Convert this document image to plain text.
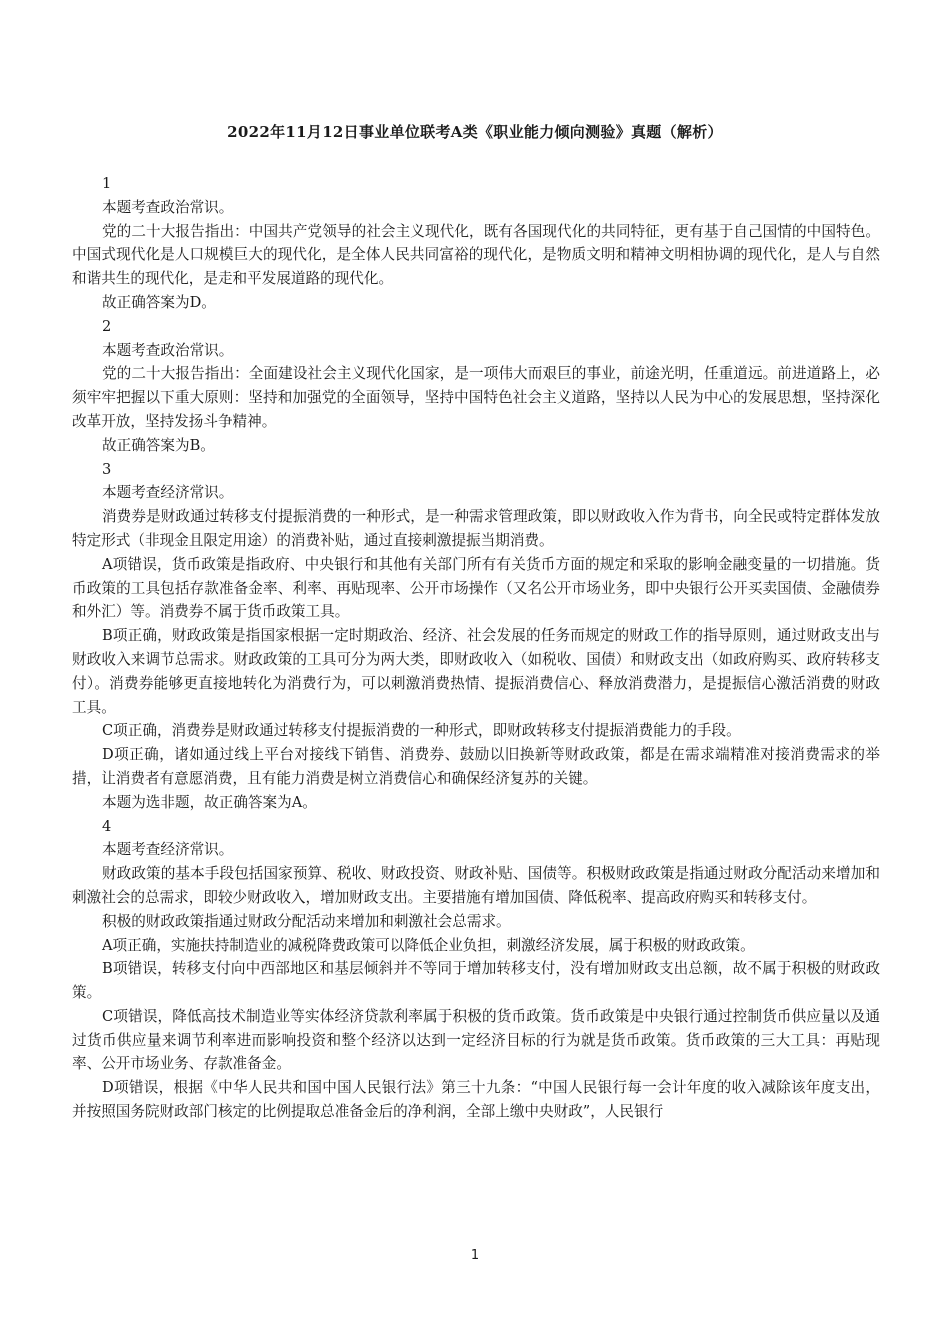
2022年11月12日事业单位联考A类《职业能力倾向测验》真题（解析）

1

本题考查政治常识。

党的二十大报告指出：中国共产党领导的社会主义现代化，既有各国现代化的共同特征，更有基于自己国情的中国特色。中国式现代化是人口规模巨大的现代化，是全体人民共同富裕的现代化，是物质文明和精神文明相协调的现代化，是人与自然和谐共生的现代化，是走和平发展道路的现代化。

故正确答案为D。

2

本题考查政治常识。

党的二十大报告指出：全面建设社会主义现代化国家，是一项伟大而艰巨的事业，前途光明，任重道远。前进道路上，必须牢牢把握以下重大原则：坚持和加强党的全面领导，坚持中国特色社会主义道路，坚持以人民为中心的发展思想，坚持深化改革开放，坚持发扬斗争精神。

故正确答案为B。

3

本题考查经济常识。

消费券是财政通过转移支付提振消费的一种形式，是一种需求管理政策，即以财政收入作为背书，向全民或特定群体发放特定形式（非现金且限定用途）的消费补贴，通过直接刺激提振当期消费。

A项错误，货币政策是指政府、中央银行和其他有关部门所有有关货币方面的规定和采取的影响金融变量的一切措施。货币政策的工具包括存款准备金率、利率、再贴现率、公开市场操作（又名公开市场业务，即中央银行公开买卖国债、金融债券和外汇）等。消费券不属于货币政策工具。

B项正确，财政政策是指国家根据一定时期政治、经济、社会发展的任务而规定的财政工作的指导原则，通过财政支出与财政收入来调节总需求。财政政策的工具可分为两大类，即财政收入（如税收、国债）和财政支出（如政府购买、政府转移支付）。消费券能够更直接地转化为消费行为，可以刺激消费热情、提振消费信心、释放消费潜力，是提振信心激活消费的财政工具。

C项正确，消费券是财政通过转移支付提振消费的一种形式，即财政转移支付提振消费能力的手段。

D项正确，诸如通过线上平台对接线下销售、消费券、鼓励以旧换新等财政政策，都是在需求端精准对接消费需求的举措，让消费者有意愿消费，且有能力消费是树立消费信心和确保经济复苏的关键。

本题为选非题，故正确答案为A。

4

本题考查经济常识。

财政政策的基本手段包括国家预算、税收、财政投资、财政补贴、国债等。积极财政政策是指通过财政分配活动来增加和刺激社会的总需求，即较少财政收入，增加财政支出。主要措施有增加国债、降低税率、提高政府购买和转移支付。

积极的财政政策指通过财政分配活动来增加和刺激社会总需求。

A项正确，实施扶持制造业的减税降费政策可以降低企业负担，刺激经济发展，属于积极的财政政策。

B项错误，转移支付向中西部地区和基层倾斜并不等同于增加转移支付，没有增加财政支出总额，故不属于积极的财政政策。

C项错误，降低高技术制造业等实体经济贷款利率属于积极的货币政策。货币政策是中央银行通过控制货币供应量以及通过货币供应量来调节利率进而影响投资和整个经济以达到一定经济目标的行为就是货币政策。货币政策的三大工具：再贴现率、公开市场业务、存款准备金。

D项错误，根据《中华人民共和国中国人民银行法》第三十九条：“中国人民银行每一会计年度的收入减除该年度支出，并按照国务院财政部门核定的比例提取总准备金后的净利润，全部上缴中央财政”，人民银行

1
